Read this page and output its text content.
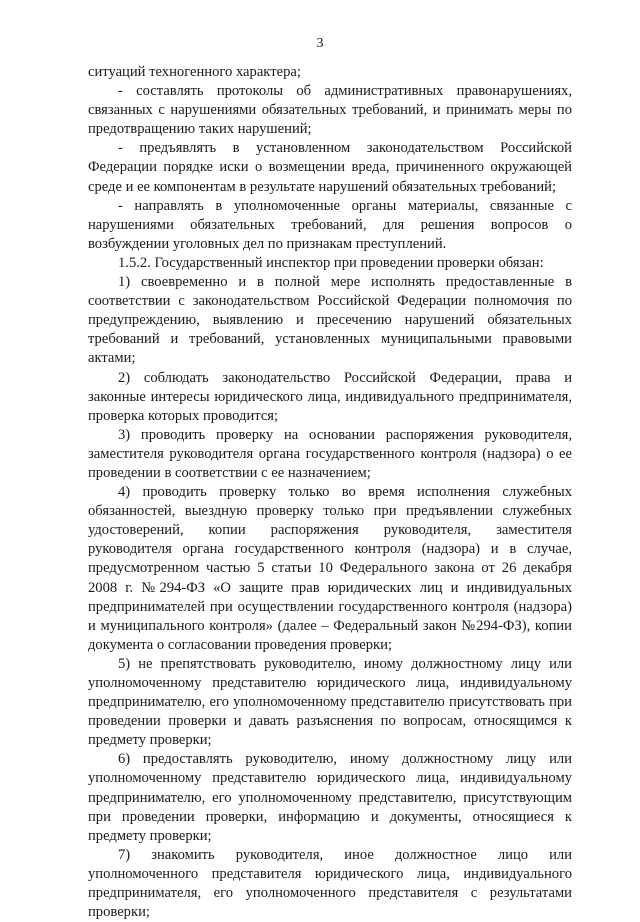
3

ситуаций техногенного характера;

- составлять протоколы об административных правонарушениях, связанных с нарушениями обязательных требований, и принимать меры по предотвращению таких нарушений;

- предъявлять в установленном законодательством Российской Федерации порядке иски о возмещении вреда, причиненного окружающей среде и ее компонентам в результате нарушений обязательных требований;

- направлять в уполномоченные органы материалы, связанные с нарушениями обязательных требований, для решения вопросов о возбуждении уголовных дел по признакам преступлений.

1.5.2. Государственный инспектор при проведении проверки обязан:

1) своевременно и в полной мере исполнять предоставленные в соответствии с законодательством Российской Федерации полномочия по предупреждению, выявлению и пресечению нарушений обязательных требований и требований, установленных муниципальными правовыми актами;

2) соблюдать законодательство Российской Федерации, права и законные интересы юридического лица, индивидуального предпринимателя, проверка которых проводится;

3) проводить проверку на основании распоряжения руководителя, заместителя руководителя органа государственного контроля (надзора) о ее проведении в соответствии с ее назначением;

4) проводить проверку только во время исполнения служебных обязанностей, выездную проверку только при предъявлении служебных удостоверений, копии распоряжения руководителя, заместителя руководителя органа государственного контроля (надзора) и в случае, предусмотренном частью 5 статьи 10 Федерального закона от 26 декабря 2008 г. №294-ФЗ «О защите прав юридических лиц и индивидуальных предпринимателей при осуществлении государственного контроля (надзора) и муниципального контроля» (далее – Федеральный закон №294-ФЗ), копии документа о согласовании проведения проверки;

5) не препятствовать руководителю, иному должностному лицу или уполномоченному представителю юридического лица, индивидуальному предпринимателю, его уполномоченному представителю присутствовать при проведении проверки и давать разъяснения по вопросам, относящимся к предмету проверки;

6) предоставлять руководителю, иному должностному лицу или уполномоченному представителю юридического лица, индивидуальному предпринимателю, его уполномоченному представителю, присутствующим при проведении проверки, информацию и документы, относящиеся к предмету проверки;

7) знакомить руководителя, иное должностное лицо или уполномоченного представителя юридического лица, индивидуального предпринимателя, его уполномоченного представителя с результатами проверки;
